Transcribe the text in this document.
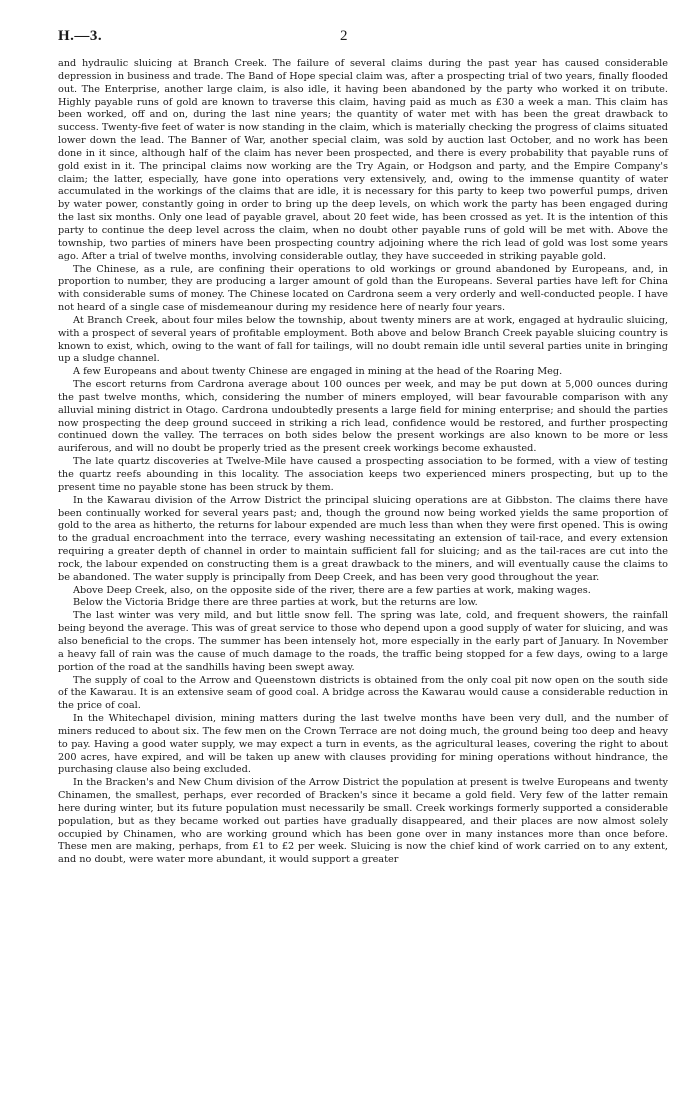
H.—3.	2

and hydraulic sluicing at Branch Creek. The failure of several claims during the past year has caused considerable depression in business and trade. The Band of Hope special claim was, after a prospecting trial of two years, finally flooded out. The Enterprise, another large claim, is also idle, it having been abandoned by the party who worked it on tribute. Highly payable runs of gold are known to traverse this claim, having paid as much as £30 a week a man. This claim has been worked, off and on, during the last nine years; the quantity of water met with has been the great drawback to success. Twenty-five feet of water is now standing in the claim, which is materially checking the progress of claims situated lower down the lead. The Banner of War, another special claim, was sold by auction last October, and no work has been done in it since, although half of the claim has never been prospected, and there is every probability that payable runs of gold exist in it. The principal claims now working are the Try Again, or Hodgson and party, and the Empire Company's claim; the latter, especially, have gone into operations very extensively, and, owing to the immense quantity of water accumulated in the workings of the claims that are idle, it is necessary for this party to keep two powerful pumps, driven by water power, constantly going in order to bring up the deep levels, on which work the party has been engaged during the last six months. Only one lead of payable gravel, about 20 feet wide, has been crossed as yet. It is the intention of this party to continue the deep level across the claim, when no doubt other payable runs of gold will be met with. Above the township, two parties of miners have been prospecting country adjoining where the rich lead of gold was lost some years ago. After a trial of twelve months, involving considerable outlay, they have succeeded in striking payable gold.

The Chinese, as a rule, are confining their operations to old workings or ground abandoned by Europeans, and, in proportion to number, they are producing a larger amount of gold than the Europeans. Several parties have left for China with considerable sums of money. The Chinese located on Cardrona seem a very orderly and well-conducted people. I have not heard of a single case of misdemeanour during my residence here of nearly four years.

At Branch Creek, about four miles below the township, about twenty miners are at work, engaged at hydraulic sluicing, with a prospect of several years of profitable employment. Both above and below Branch Creek payable sluicing country is known to exist, which, owing to the want of fall for tailings, will no doubt remain idle until several parties unite in bringing up a sludge channel.

A few Europeans and about twenty Chinese are engaged in mining at the head of the Roaring Meg.

The escort returns from Cardrona average about 100 ounces per week, and may be put down at 5,000 ounces during the past twelve months, which, considering the number of miners employed, will bear favourable comparison with any alluvial mining district in Otago. Cardrona undoubtedly presents a large field for mining enterprise; and should the parties now prospecting the deep ground succeed in striking a rich lead, confidence would be restored, and further prospecting continued down the valley. The terraces on both sides below the present workings are also known to be more or less auriferous, and will no doubt be properly tried as the present creek workings become exhausted.

The late quartz discoveries at Twelve-Mile have caused a prospecting association to be formed, with a view of testing the quartz reefs abounding in this locality. The association keeps two experienced miners prospecting, but up to the present time no payable stone has been struck by them.

In the Kawarau division of the Arrow District the principal sluicing operations are at Gibbston. The claims there have been continually worked for several years past; and, though the ground now being worked yields the same proportion of gold to the area as hitherto, the returns for labour expended are much less than when they were first opened. This is owing to the gradual encroachment into the terrace, every washing necessitating an extension of tail-race, and every extension requiring a greater depth of channel in order to maintain sufficient fall for sluicing; and as the tail-races are cut into the rock, the labour expended on constructing them is a great drawback to the miners, and will eventually cause the claims to be abandoned. The water supply is principally from Deep Creek, and has been very good throughout the year.

Above Deep Creek, also, on the opposite side of the river, there are a few parties at work, making wages.

Below the Victoria Bridge there are three parties at work, but the returns are low.

The last winter was very mild, and but little snow fell. The spring was late, cold, and frequent showers, the rainfall being beyond the average. This was of great service to those who depend upon a good supply of water for sluicing, and was also beneficial to the crops. The summer has been intensely hot, more especially in the early part of January. In November a heavy fall of rain was the cause of much damage to the roads, the traffic being stopped for a few days, owing to a large portion of the road at the sandhills having been swept away.

The supply of coal to the Arrow and Queenstown districts is obtained from the only coal pit now open on the south side of the Kawarau. It is an extensive seam of good coal. A bridge across the Kawarau would cause a considerable reduction in the price of coal.

In the Whitechapel division, mining matters during the last twelve months have been very dull, and the number of miners reduced to about six. The few men on the Crown Terrace are not doing much, the ground being too deep and heavy to pay. Having a good water supply, we may expect a turn in events, as the agricultural leases, covering the right to about 200 acres, have expired, and will be taken up anew with clauses providing for mining operations without hindrance, the purchasing clause also being excluded.

In the Bracken's and New Chum division of the Arrow District the population at present is twelve Europeans and twenty Chinamen, the smallest, perhaps, ever recorded of Bracken's since it became a gold field. Very few of the latter remain here during winter, but its future population must necessarily be small. Creek workings formerly supported a considerable population, but as they became worked out parties have gradually disappeared, and their places are now almost solely occupied by Chinamen, who are working ground which has been gone over in many instances more than once before. These men are making, perhaps, from £1 to £2 per week. Sluicing is now the chief kind of work carried on to any extent, and no doubt, were water more abundant, it would support a greater
